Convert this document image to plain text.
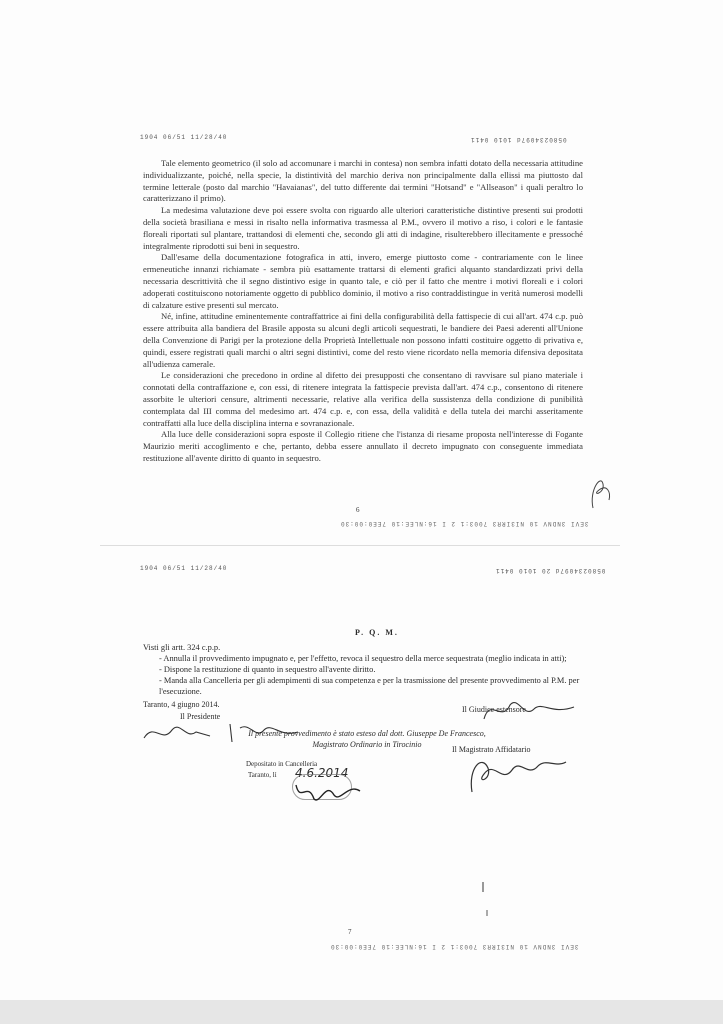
1904 06/51 11/28/40	0580234097d 1010 0411

Tale elemento geometrico (il solo ad accomunare i marchi in contesa) non sembra infatti dotato della necessaria attitudine individualizzante, poiché, nella specie, la distintività del marchio deriva non principalmente dalla ellissi ma piuttosto dal termine letterale (posto dal marchio "Havaianas", del tutto differente dai termini "Hotsand" e "Allseason" i quali peraltro lo caratterizzano il primo).

La medesima valutazione deve poi essere svolta con riguardo alle ulteriori caratteristiche distintive presenti sui prodotti della società brasiliana e messi in risalto nella informativa trasmessa al P.M., ovvero il motivo a riso, i colori e le fantasie floreali riportati sul plantare, trattandosi di elementi che, secondo gli atti di indagine, risulterebbero illecitamente e pressoché integralmente riprodotti sui beni in sequestro.

Dall'esame della documentazione fotografica in atti, invero, emerge piuttosto come - contrariamente con le linee ermeneutiche innanzi richiamate - sembra più esattamente trattarsi di elementi grafici alquanto standardizzati privi della necessaria descrittività che il segno distintivo esige in quanto tale, e ciò per il fatto che mentre i motivi floreali e i colori adoperati costituiscono notoriamente oggetto di pubblico dominio, il motivo a riso contraddistingue in verità numerosi modelli di calzature estive presenti sul mercato.

Né, infine, attitudine eminentemente contraffattrice ai fini della configurabilità della fattispecie di cui all'art. 474 c.p. può essere attribuita alla bandiera del Brasile apposta su alcuni degli articoli sequestrati, le bandiere dei Paesi aderenti all'Unione della Convenzione di Parigi per la protezione della Proprietà Intellettuale non possono infatti costituire oggetto di privativa e, quindi, essere registrati quali marchi o altri segni distintivi, come del resto viene ricordato nella memoria difensiva depositata all'udienza camerale.

Le considerazioni che precedono in ordine al difetto dei presupposti che consentano di ravvisare sul piano materiale i connotati della contraffazione e, con essi, di ritenere integrata la fattispecie prevista dall'art. 474 c.p., consentono di ritenere assorbite le ulteriori censure, altrimenti necessarie, relative alla verifica della sussistenza della condizione di punibilità contemplata dal III comma del medesimo art. 474 c.p. e, con essa, della validità e della tutela dei marchi asseritamente contraffatti alla luce della disciplina interna e sovranazionale.

Alla luce delle considerazioni sopra esposte il Collegio ritiene che l'istanza di riesame proposta nell'interesse di Fogante Maurizio meriti accoglimento e che, pertanto, debba essere annullato il decreto impugnato con conseguente immediata restituzione all'avente diritto di quanto in sequestro.

6
3EVI 3NDNV 10 NI3IRR3 7003:1 2 I 16:NLEE:10 7EE0:00:30
1904 06/51 11/28/40	0580234097d 20 1010 0411
P. Q. M.
Visti gli artt. 324 c.p.p.
- Annulla il provvedimento impugnato e, per l'effetto, revoca il sequestro della merce sequestrata (meglio indicata in atti);
- Dispone la restituzione di quanto in sequestro all'avente diritto.
- Manda alla Cancelleria per gli adempimenti di sua competenza e per la trasmissione del presente provvedimento al P.M. per l'esecuzione.
Taranto, 4 giugno 2014.
Il Presidente
Il Giudice estensore
Il presente provvedimento è stato esteso dal dott. Giuseppe De Francesco, Magistrato Ordinario in Tirocinio
Il Magistrato Affidatario
Depositato in Cancelleria
Taranto, lì 4.6.2014
7
3EVI 3NDNV 10 NI3IRR3 7003:1 2 I 16:NLEE:10 7EE0:00:30
